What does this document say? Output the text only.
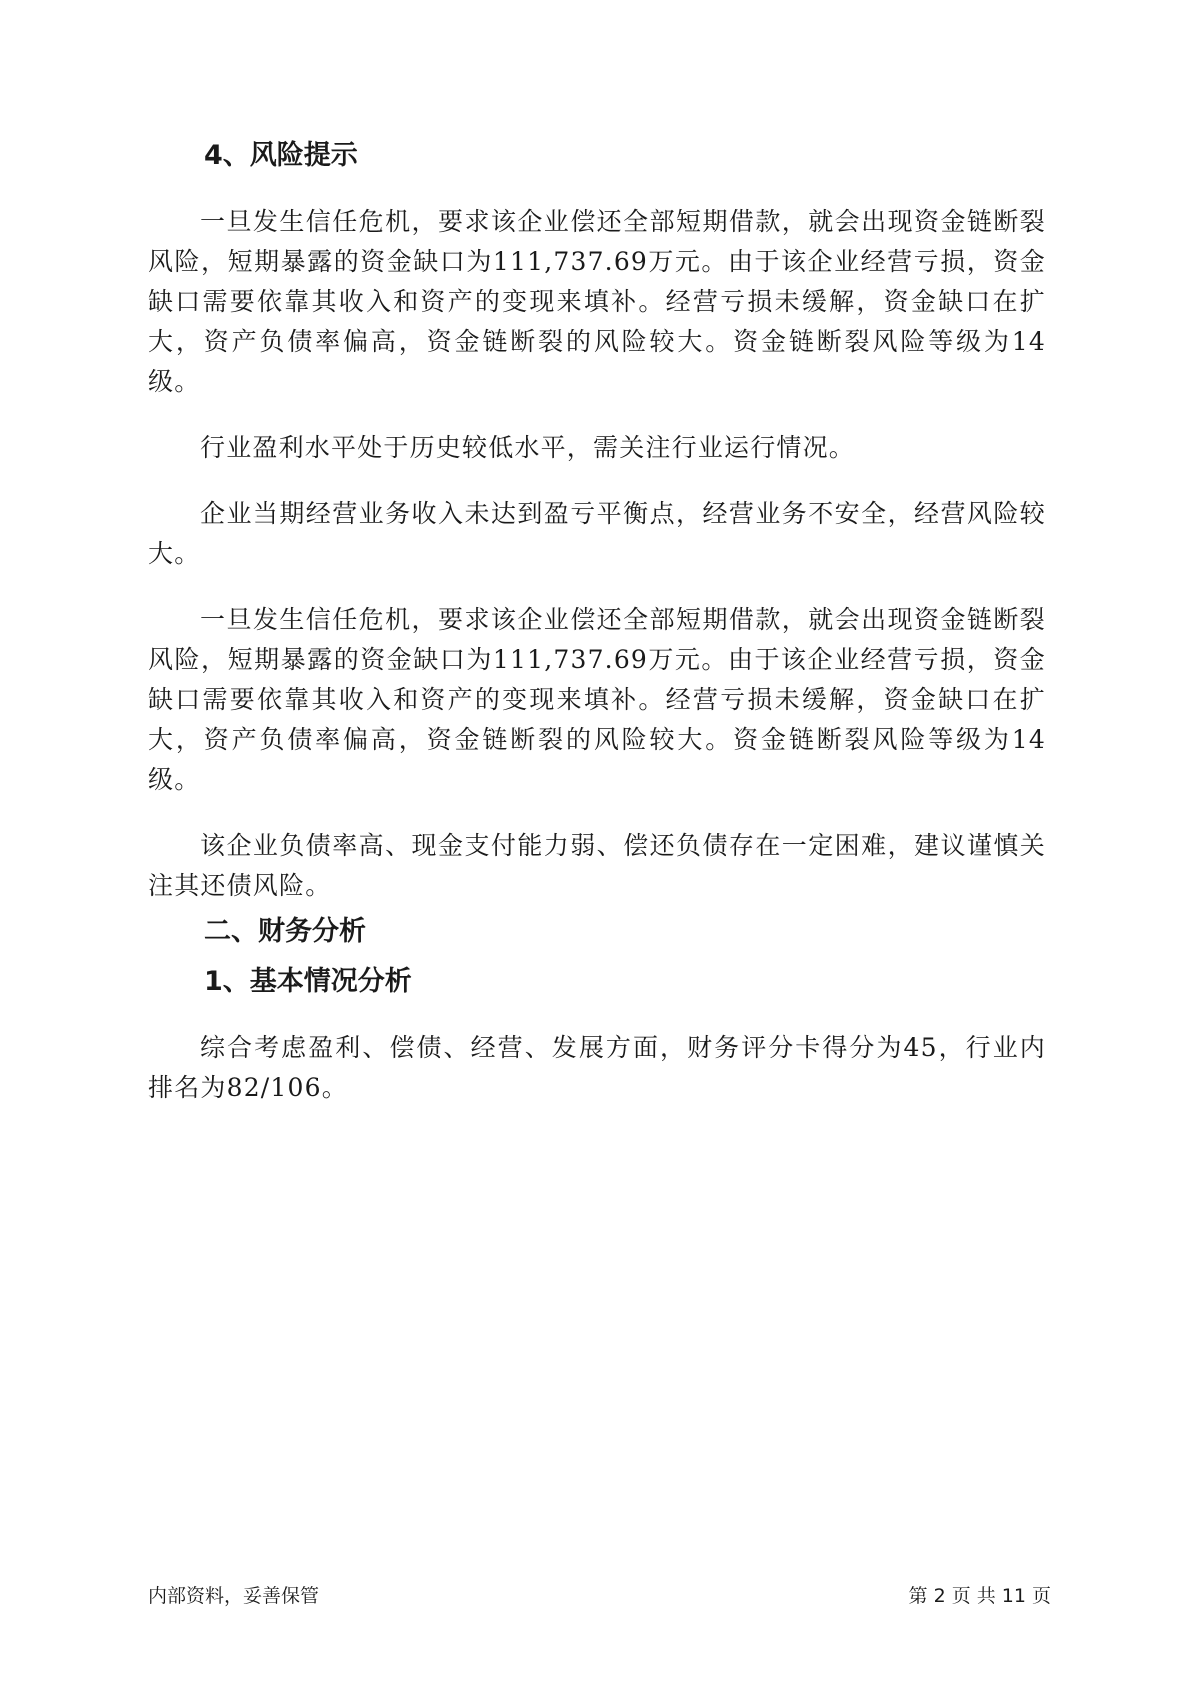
4、风险提示

一旦发生信任危机，要求该企业偿还全部短期借款，就会出现资金链断裂风险，短期暴露的资金缺口为111,737.69万元。由于该企业经营亏损，资金缺口需要依靠其收入和资产的变现来填补。经营亏损未缓解，资金缺口在扩大，资产负债率偏高，资金链断裂的风险较大。资金链断裂风险等级为14级。

行业盈利水平处于历史较低水平，需关注行业运行情况。

企业当期经营业务收入未达到盈亏平衡点，经营业务不安全，经营风险较大。

一旦发生信任危机，要求该企业偿还全部短期借款，就会出现资金链断裂风险，短期暴露的资金缺口为111,737.69万元。由于该企业经营亏损，资金缺口需要依靠其收入和资产的变现来填补。经营亏损未缓解，资金缺口在扩大，资产负债率偏高，资金链断裂的风险较大。资金链断裂风险等级为14级。

该企业负债率高、现金支付能力弱、偿还负债存在一定困难，建议谨慎关注其还债风险。

二、财务分析
1、基本情况分析

综合考虑盈利、偿债、经营、发展方面，财务评分卡得分为45，行业内排名为82/106。

内部资料，妥善保管	第 2 页 共 11 页
